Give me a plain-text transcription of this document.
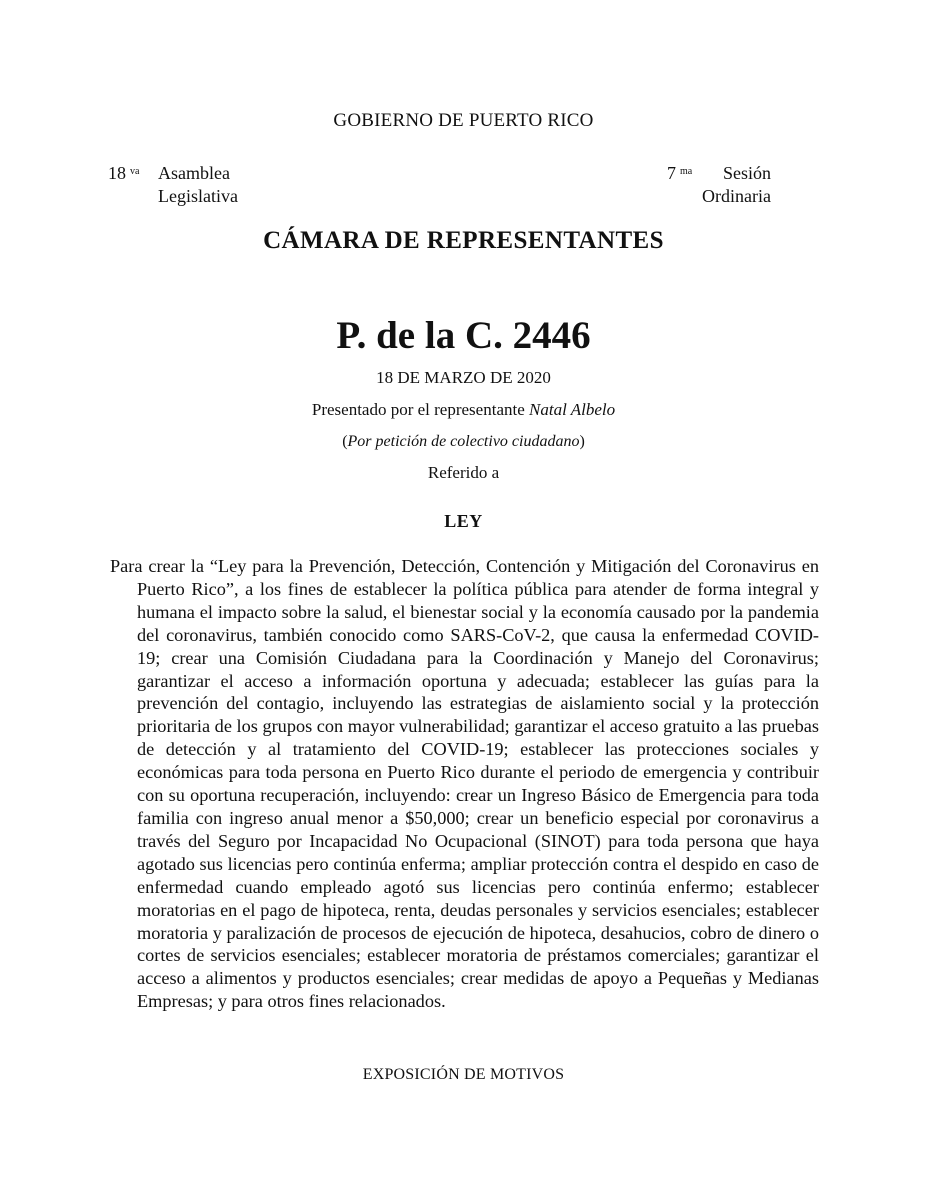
GOBIERNO DE PUERTO RICO
18 $^{va}$	Asamblea
Legislativa
7 $^{ma}$	Sesión

Ordinaria
CÁMARA DE REPRESENTANTES
P. de la C. 2446
18 DE MARZO DE 2020
Presentado por el representante Natal Albelo
(Por petición de colectivo ciudadano)
Referido a
LEY
Para crear la “Ley para la Prevención, Detección, Contención y Mitigación del Coronavirus en Puerto Rico”, a los fines de establecer la política pública para atender de forma integral y humana el impacto sobre la salud, el bienestar social y la economía causado por la pandemia del coronavirus, también conocido como SARS-CoV-2, que causa la enfermedad COVID-19; crear una Comisión Ciudadana para la Coordinación y Manejo del Coronavirus; garantizar el acceso a información oportuna y adecuada; establecer las guías para la prevención del contagio, incluyendo las estrategias de aislamiento social y la protección prioritaria de los grupos con mayor vulnerabilidad; garantizar el acceso gratuito a las pruebas de detección y al tratamiento del COVID-19; establecer las protecciones sociales y económicas para toda persona en Puerto Rico durante el periodo de emergencia y contribuir con su oportuna recuperación, incluyendo: crear un Ingreso Básico de Emergencia para toda familia con ingreso anual menor a $50,000; crear un beneficio especial por coronavirus a través del Seguro por Incapacidad No Ocupacional (SINOT) para toda persona que haya agotado sus licencias pero continúa enferma; ampliar protección contra el despido en caso de enfermedad cuando empleado agotó sus licencias pero continúa enfermo; establecer moratorias en el pago de hipoteca, renta, deudas personales y servicios esenciales; establecer moratoria y paralización de procesos de ejecución de hipoteca, desahucios, cobro de dinero o cortes de servicios esenciales; establecer moratoria de préstamos comerciales; garantizar el acceso a alimentos y productos esenciales; crear medidas de apoyo a Pequeñas y Medianas Empresas; y para otros fines relacionados.
EXPOSICIÓN DE MOTIVOS
